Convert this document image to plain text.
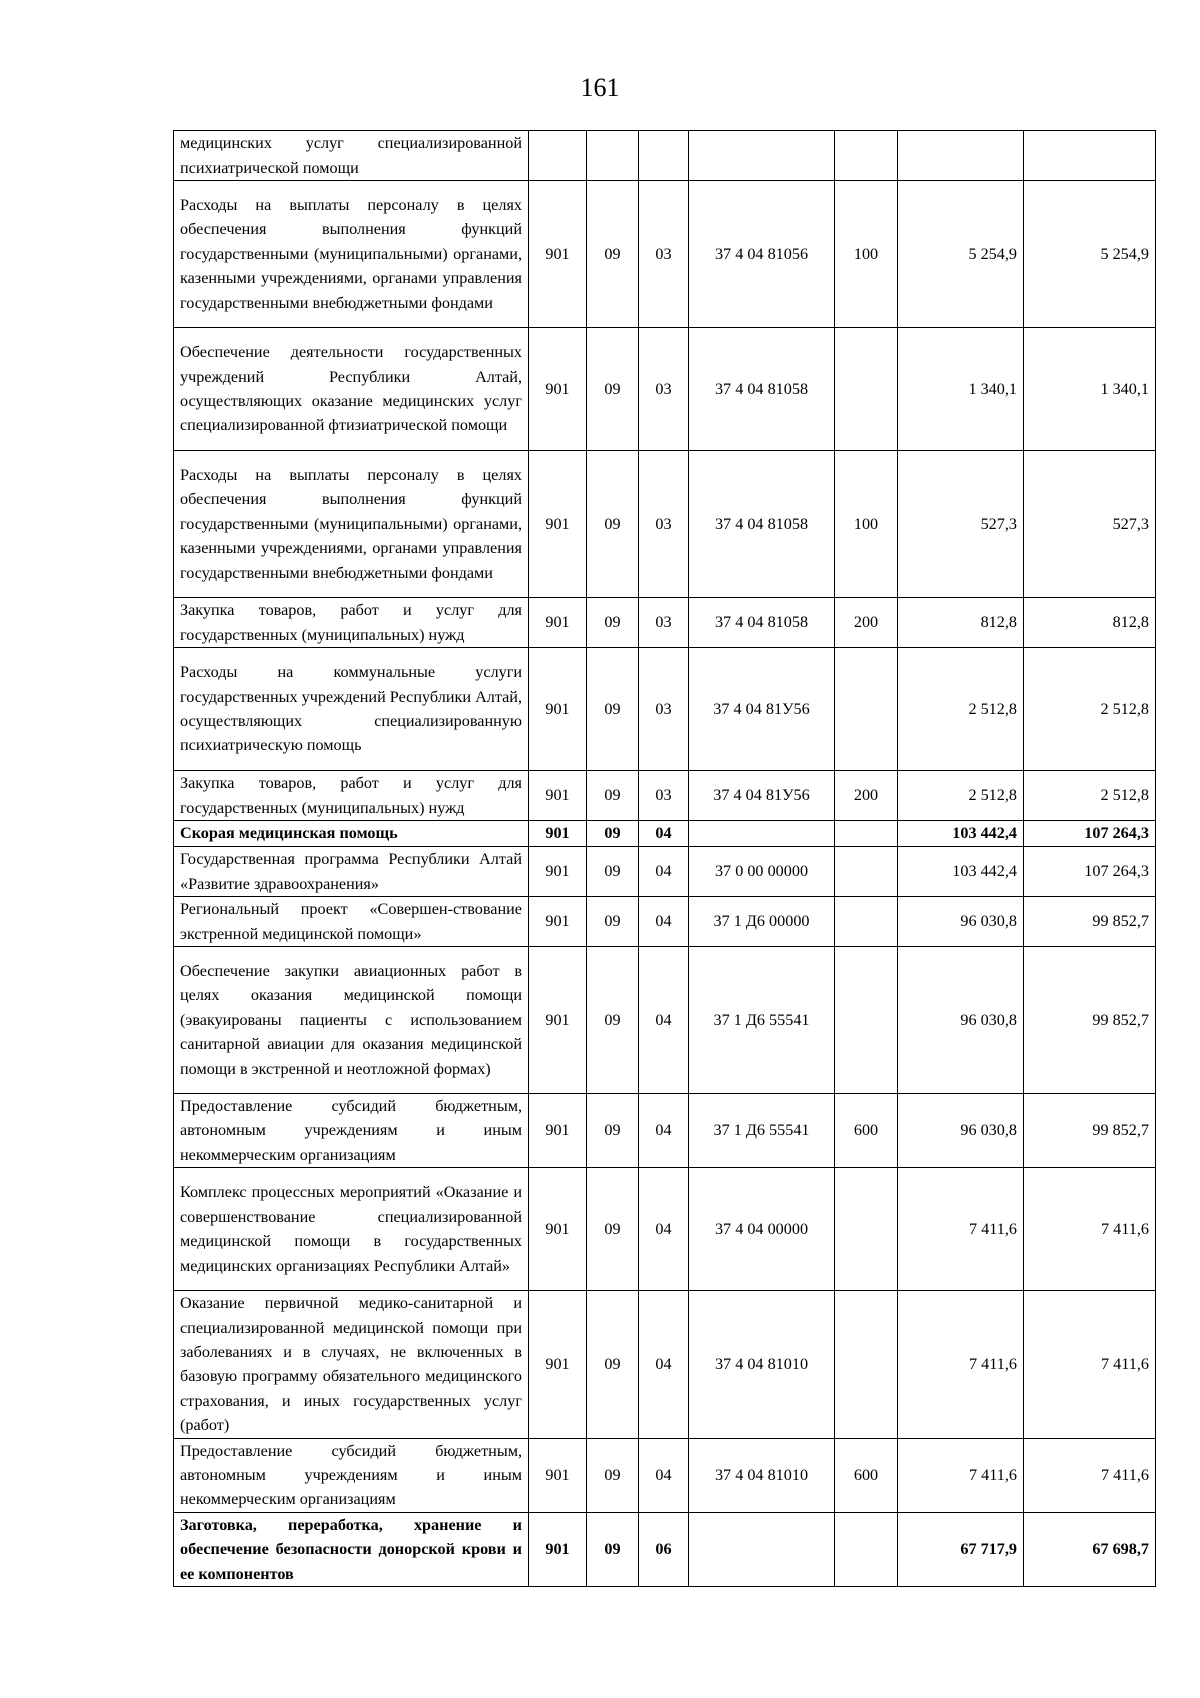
161
медицинских услуг специализированной психиатрической помощи							
Расходы на выплаты персоналу в целях обеспечения выполнения функций государственными (муниципальными) органами, казенными учреждениями, органами управления государственными внебюджетными фондами	901	09	03	37 4 04 81056	100	5 254,9	5 254,9
Обеспечение деятельности государственных учреждений Республики Алтай, осуществляющих оказание медицинских услуг специализированной фтизиатрической помощи	901	09	03	37 4 04 81058		1 340,1	1 340,1
Расходы на выплаты персоналу в целях обеспечения выполнения функций государственными (муниципальными) органами, казенными учреждениями, органами управления государственными внебюджетными фондами	901	09	03	37 4 04 81058	100	527,3	527,3
Закупка товаров, работ и услуг для государственных (муниципальных) нужд	901	09	03	37 4 04 81058	200	812,8	812,8
Расходы на коммунальные услуги государственных учреждений Республики Алтай, осуществляющих специализированную психиатрическую помощь	901	09	03	37 4 04 81У56		2 512,8	2 512,8
Закупка товаров, работ и услуг для государственных (муниципальных) нужд	901	09	03	37 4 04 81У56	200	2 512,8	2 512,8
Скорая медицинская помощь	901	09	04			103 442,4	107 264,3
Государственная программа Республики Алтай «Развитие здравоохранения»	901	09	04	37 0 00 00000		103 442,4	107 264,3
Региональный проект «Совершен-ствование экстренной медицинской помощи»	901	09	04	37 1 Д6 00000		96 030,8	99 852,7
Обеспечение закупки авиационных работ в целях оказания медицинской помощи (эвакуированы пациенты с использованием санитарной авиации для оказания медицинской помощи в экстренной и неотложной формах)	901	09	04	37 1 Д6 55541		96 030,8	99 852,7
Предоставление субсидий бюджетным, автономным учреждениям и иным некоммерческим организациям	901	09	04	37 1 Д6 55541	600	96 030,8	99 852,7
Комплекс процессных мероприятий «Оказание и совершенствование специализированной медицинской помощи в государственных медицинских организациях Республики Алтай»	901	09	04	37 4 04 00000		7 411,6	7 411,6
Оказание первичной медико-санитарной и специализированной медицинской помощи при заболеваниях и в случаях, не включенных в базовую программу обязательного медицинского страхования, и иных государственных услуг (работ)	901	09	04	37 4 04 81010		7 411,6	7 411,6
Предоставление субсидий бюджетным, автономным учреждениям и иным некоммерческим организациям	901	09	04	37 4 04 81010	600	7 411,6	7 411,6
Заготовка, переработка, хранение и обеспечение безопасности донорской крови и ее компонентов	901	09	06			67 717,9	67 698,7
